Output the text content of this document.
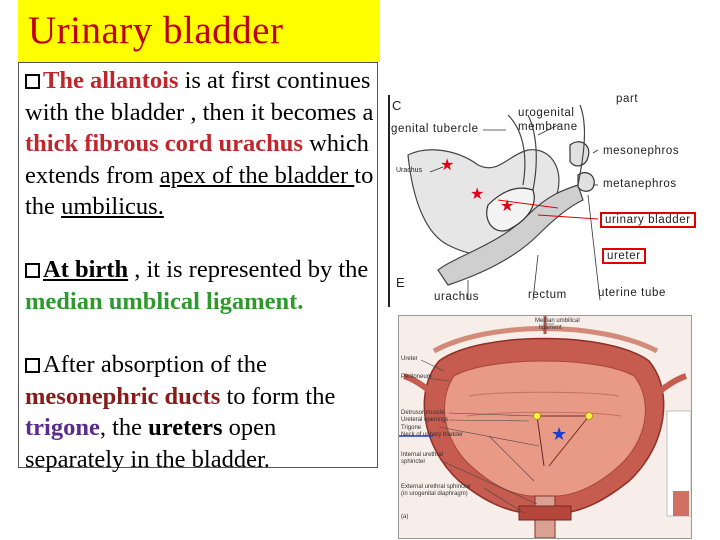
Urinary bladder
The allantois is at first continues with the bladder , then it becomes a thick fibrous cord urachus which extends from apex of the bladder to the umbilicus.
At birth , it is represented by the median umblical ligament.
After absorption of the mesonephric ducts to form the trigone, the ureters open separately in the bladder.
★
★
★
C
E
part
genital tubercle
urogenital
membrane
mesonephros
metanephros
Urachus
urinary bladder
ureter
urachus	rectum	uterine tube
★
Median umbilical
ligament
Ureter
Peritoneum
Detrusor muscle
Ureteral openings
Trigone
Neck of urinary bladder
Internal urethral
sphincter
External urethral sphincter
(in urogenital diaphragm)
(a)
